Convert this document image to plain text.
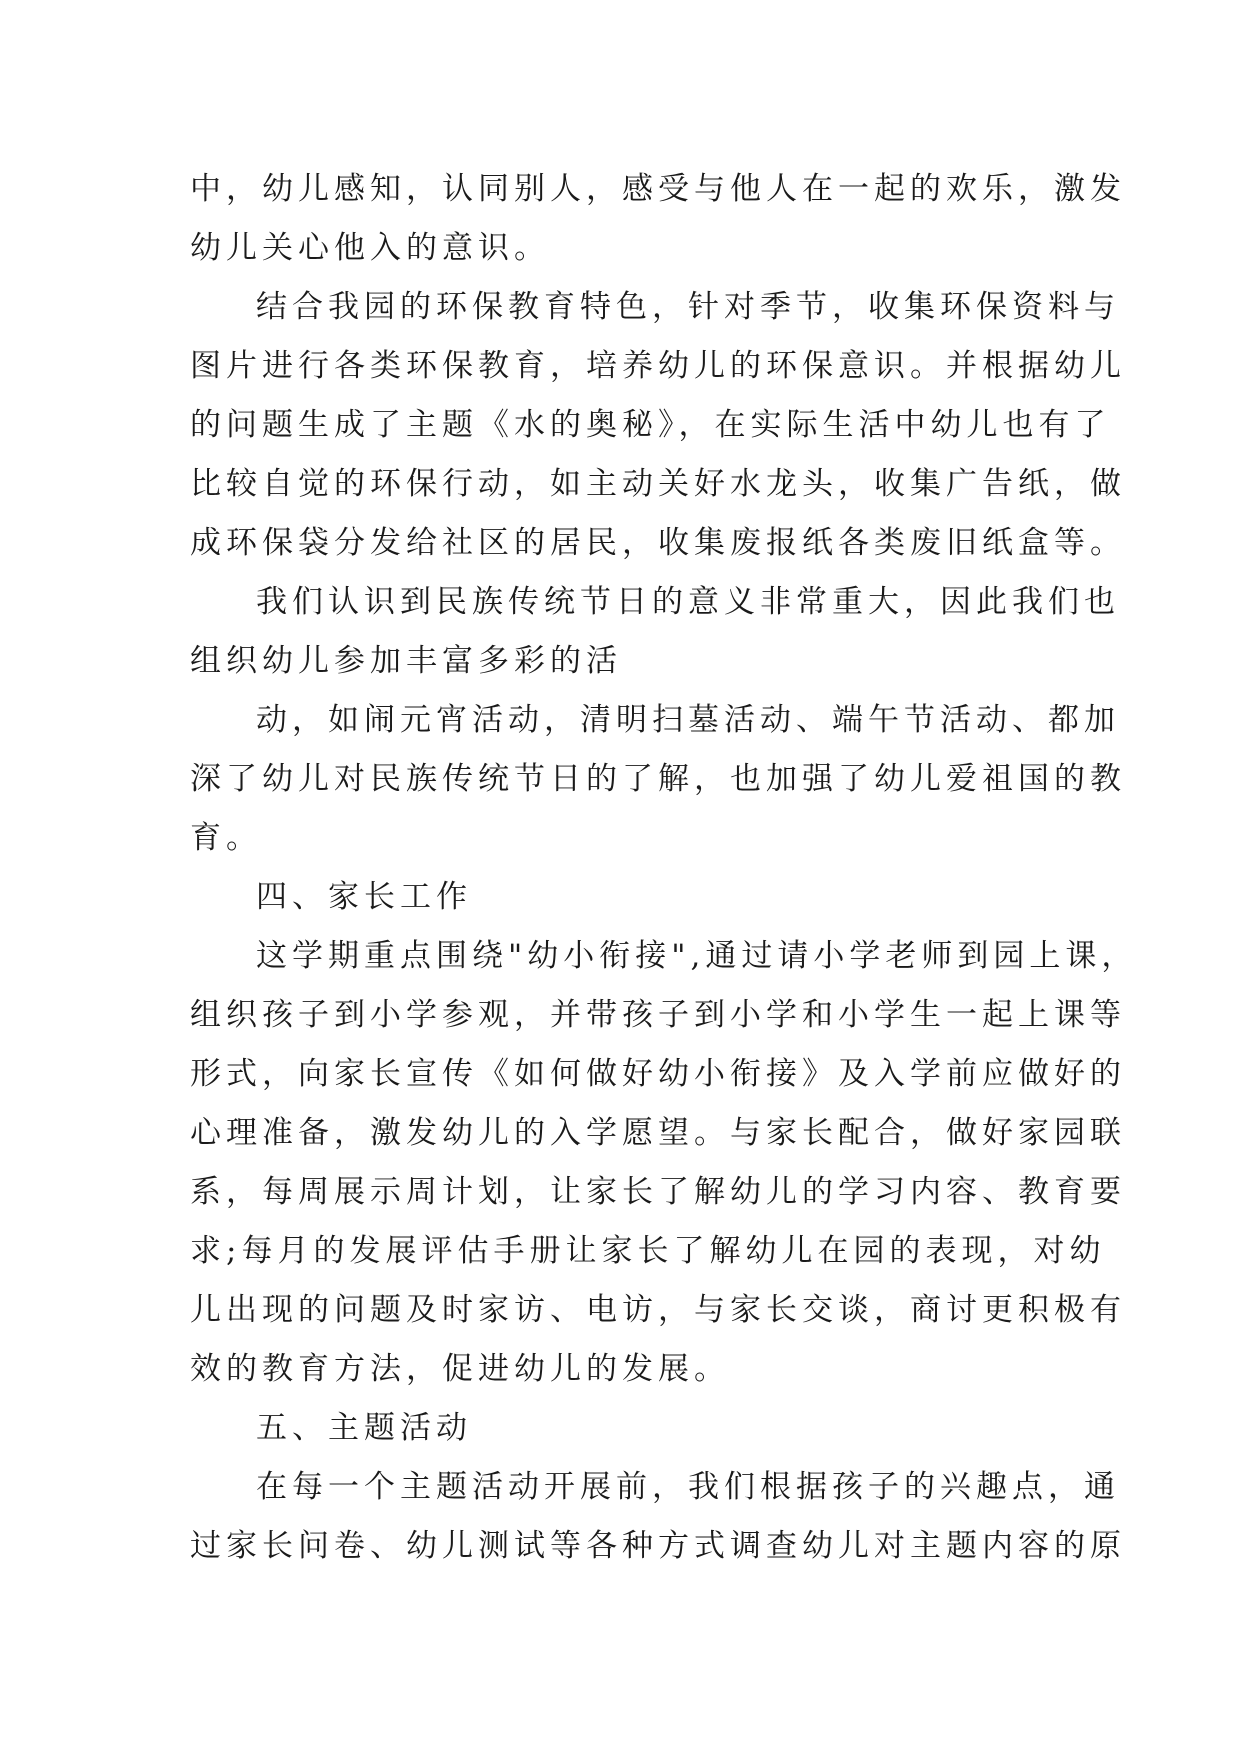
中，幼儿感知，认同别人，感受与他人在一起的欢乐，激发
幼儿关心他入的意识。
结合我园的环保教育特色，针对季节，收集环保资料与
图片进行各类环保教育，培养幼儿的环保意识。并根据幼儿
的问题生成了主题《水的奥秘》，在实际生活中幼儿也有了
比较自觉的环保行动，如主动关好水龙头，收集广告纸，做
成环保袋分发给社区的居民，收集废报纸各类废旧纸盒等。
我们认识到民族传统节日的意义非常重大，因此我们也
组织幼儿参加丰富多彩的活
动，如闹元宵活动，清明扫墓活动、端午节活动、都加
深了幼儿对民族传统节日的了解，也加强了幼儿爱祖国的教
育。
四、家长工作
这学期重点围绕"幼小衔接",通过请小学老师到园上课，
组织孩子到小学参观，并带孩子到小学和小学生一起上课等
形式，向家长宣传《如何做好幼小衔接》及入学前应做好的
心理准备，激发幼儿的入学愿望。与家长配合，做好家园联
系，每周展示周计划，让家长了解幼儿的学习内容、教育要
求;每月的发展评估手册让家长了解幼儿在园的表现，对幼
儿出现的问题及时家访、电访，与家长交谈，商讨更积极有
效的教育方法，促进幼儿的发展。
五、主题活动
在每一个主题活动开展前，我们根据孩子的兴趣点，通
过家长问卷、幼儿测试等各种方式调查幼儿对主题内容的原
